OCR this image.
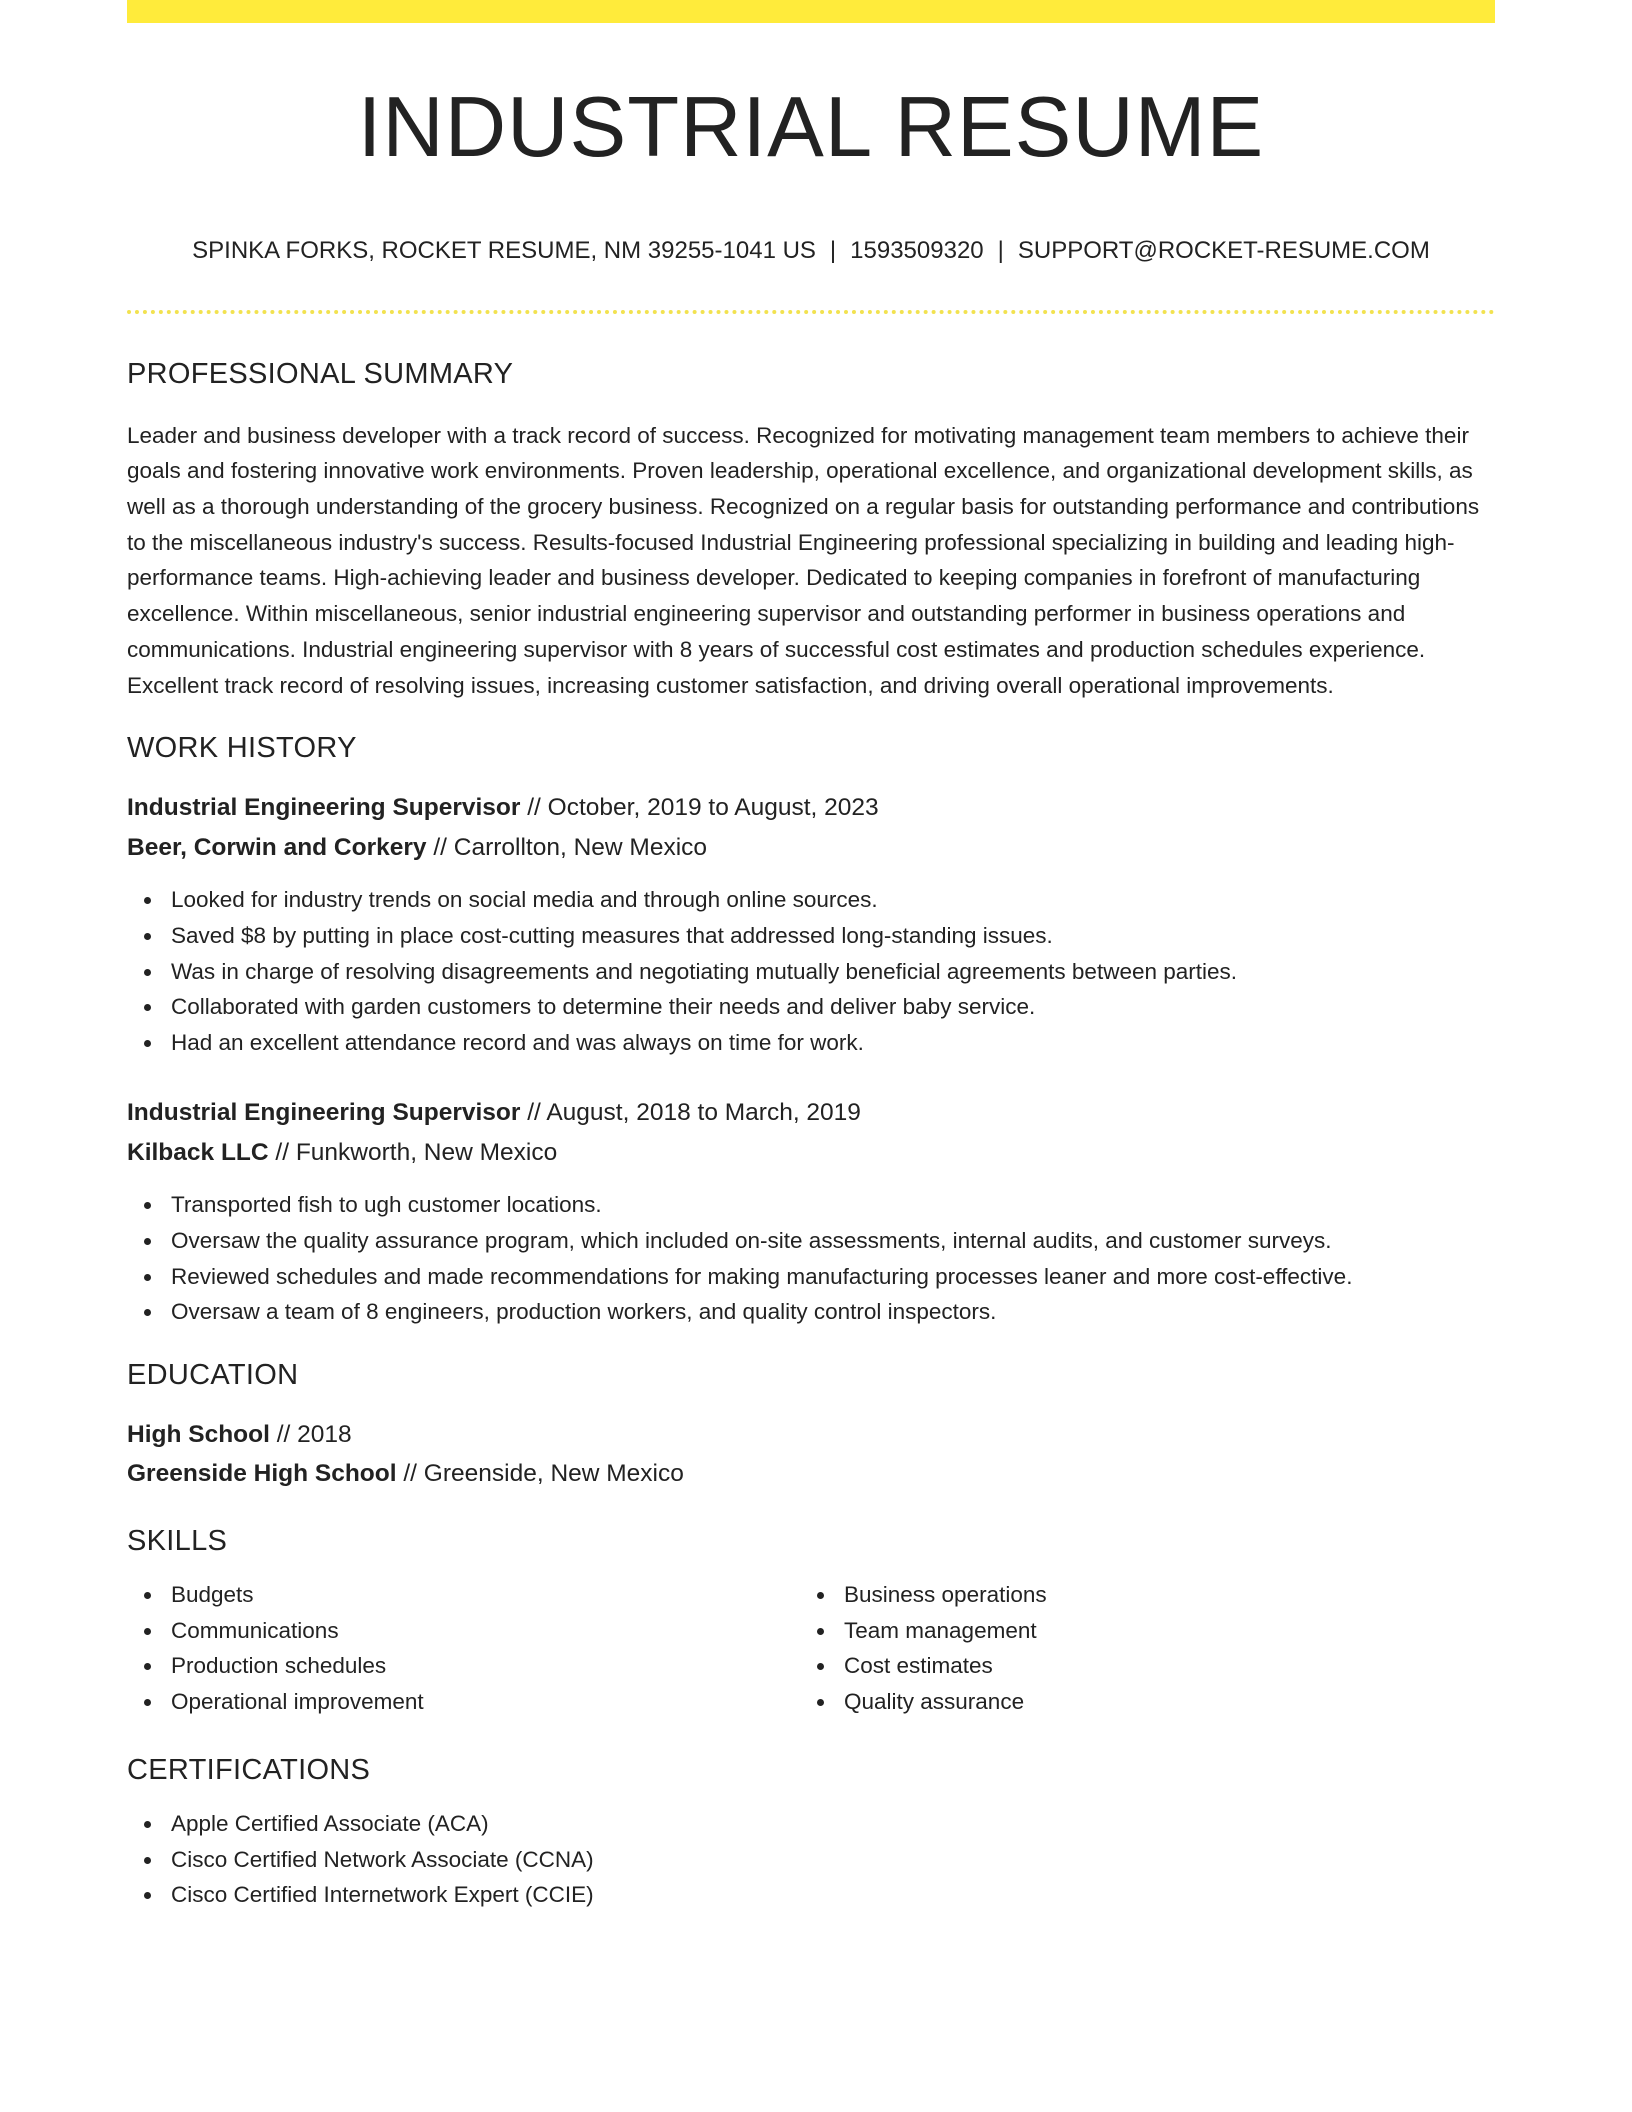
INDUSTRIAL RESUME
SPINKA FORKS, ROCKET RESUME, NM 39255-1041 US | 1593509320 | SUPPORT@ROCKET-RESUME.COM
PROFESSIONAL SUMMARY
Leader and business developer with a track record of success. Recognized for motivating management team members to achieve their goals and fostering innovative work environments. Proven leadership, operational excellence, and organizational development skills, as well as a thorough understanding of the grocery business. Recognized on a regular basis for outstanding performance and contributions to the miscellaneous industry's success. Results-focused Industrial Engineering professional specializing in building and leading high-performance teams. High-achieving leader and business developer. Dedicated to keeping companies in forefront of manufacturing excellence. Within miscellaneous, senior industrial engineering supervisor and outstanding performer in business operations and communications. Industrial engineering supervisor with 8 years of successful cost estimates and production schedules experience. Excellent track record of resolving issues, increasing customer satisfaction, and driving overall operational improvements.
WORK HISTORY
Industrial Engineering Supervisor // October, 2019 to August, 2023
Beer, Corwin and Corkery // Carrollton, New Mexico
Looked for industry trends on social media and through online sources.
Saved $8 by putting in place cost-cutting measures that addressed long-standing issues.
Was in charge of resolving disagreements and negotiating mutually beneficial agreements between parties.
Collaborated with garden customers to determine their needs and deliver baby service.
Had an excellent attendance record and was always on time for work.
Industrial Engineering Supervisor // August, 2018 to March, 2019
Kilback LLC // Funkworth, New Mexico
Transported fish to ugh customer locations.
Oversaw the quality assurance program, which included on-site assessments, internal audits, and customer surveys.
Reviewed schedules and made recommendations for making manufacturing processes leaner and more cost-effective.
Oversaw a team of 8 engineers, production workers, and quality control inspectors.
EDUCATION
High School // 2018
Greenside High School // Greenside, New Mexico
SKILLS
Budgets
Communications
Production schedules
Operational improvement
Business operations
Team management
Cost estimates
Quality assurance
CERTIFICATIONS
Apple Certified Associate (ACA)
Cisco Certified Network Associate (CCNA)
Cisco Certified Internetwork Expert (CCIE)
